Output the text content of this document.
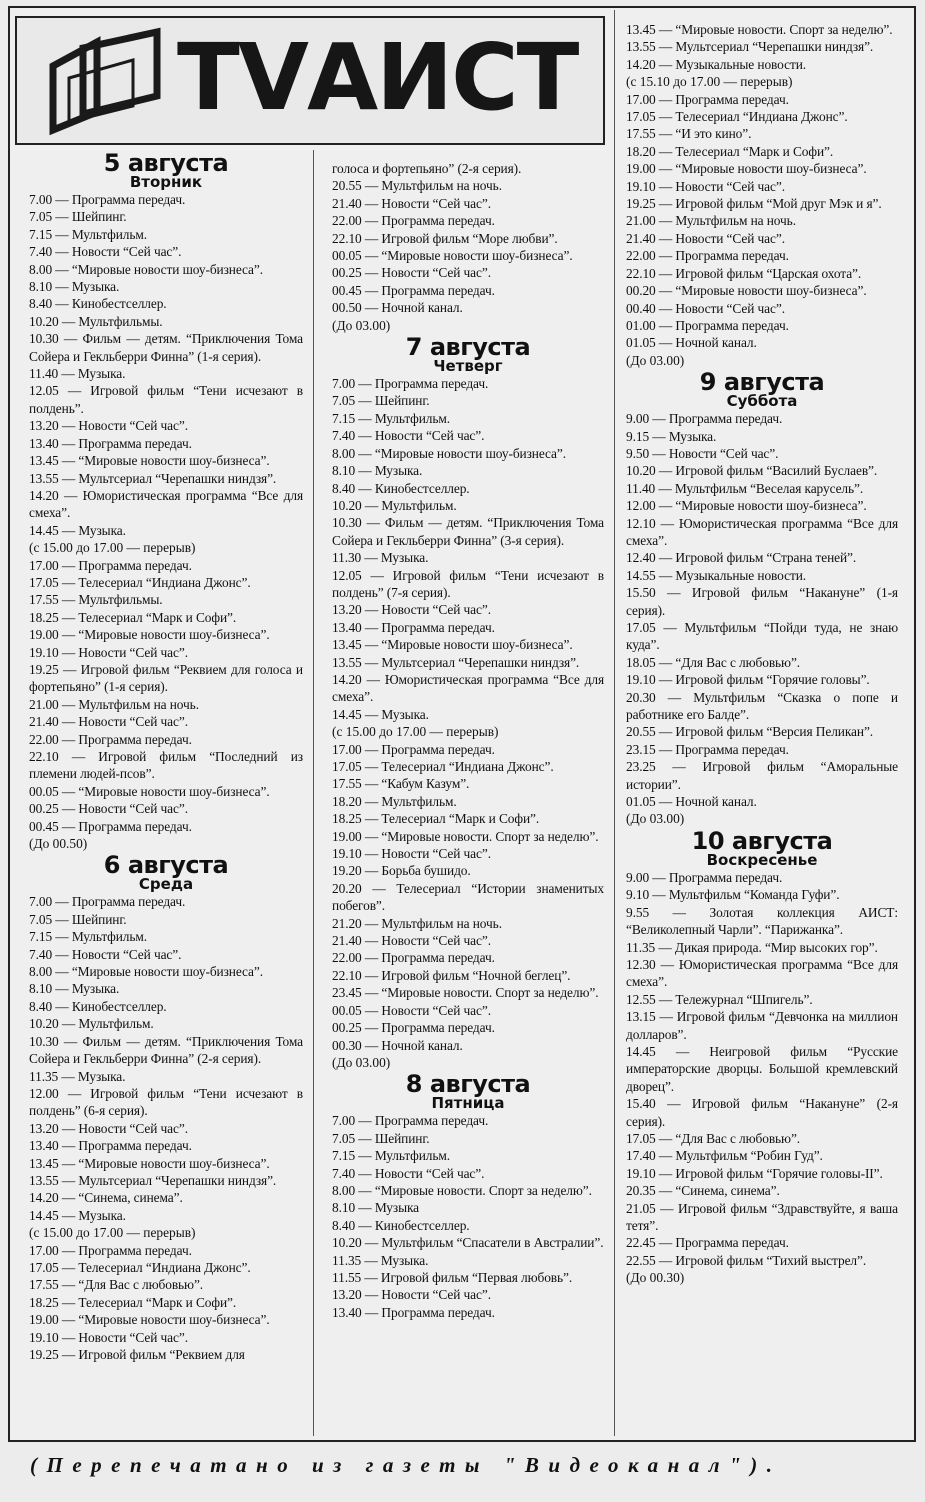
TVАИСТ
5 августа
Вторник
7.00 — Программа передач.
7.05 — Шейпинг.
7.15 — Мультфильм.
7.40 — Новости “Сей час”.
8.00 — “Мировые новости шоу-бизнеса”.
8.10 — Музыка.
8.40 — Кинобестселлер.
10.20 — Мультфильмы.
10.30 — Фильм — детям. “Приключения Тома Сойера и Гекльберри Финна” (1-я серия).
11.40 — Музыка.
12.05 — Игровой фильм “Тени исчезают в полдень”.
13.20 — Новости “Сей час”.
13.40 — Программа передач.
13.45 — “Мировые новости шоу-бизнеса”.
13.55 — Мультсериал “Черепашки ниндзя”.
14.20 — Юмористическая программа “Все для смеха”.
14.45 — Музыка.
(с 15.00 до 17.00 — перерыв)
17.00 — Программа передач.
17.05 — Телесериал “Индиана Джонс”.
17.55 — Мультфильмы.
18.25 — Телесериал “Марк и Софи”.
19.00 — “Мировые новости шоу-бизнеса”.
19.10 — Новости “Сей час”.
19.25 — Игровой фильм “Реквием для голоса и фортепьяно” (1-я серия).
21.00 — Мультфильм на ночь.
21.40 — Новости “Сей час”.
22.00 — Программа передач.
22.10 — Игровой фильм “Последний из племени людей-псов”.
00.05 — “Мировые новости шоу-бизнеса”.
00.25 — Новости “Сей час”.
00.45 — Программа передач.
(До 00.50)
6 августа
Среда
7.00 — Программа передач.
7.05 — Шейпинг.
7.15 — Мультфильм.
7.40 — Новости “Сей час”.
8.00 — “Мировые новости шоу-бизнеса”.
8.10 — Музыка.
8.40 — Кинобестселлер.
10.20 — Мультфильм.
10.30 — Фильм — детям. “Приключения Тома Сойера и Гекльберри Финна” (2-я серия).
11.35 — Музыка.
12.00 — Игровой фильм “Тени исчезают в полдень” (6-я серия).
13.20 — Новости “Сей час”.
13.40 — Программа передач.
13.45 — “Мировые новости шоу-бизнеса”.
13.55 — Мультсериал “Черепашки ниндзя”.
14.20 — “Синема, синема”.
14.45 — Музыка.
(с 15.00 до 17.00 — перерыв)
17.00 — Программа передач.
17.05 — Телесериал “Индиана Джонс”.
17.55 — “Для Вас с любовью”.
18.25 — Телесериал “Марк и Софи”.
19.00 — “Мировые новости шоу-бизнеса”.
19.10 — Новости “Сей час”.
19.25 — Игровой фильм “Реквием для
голоса и фортепьяно” (2-я серия).
20.55 — Мультфильм на ночь.
21.40 — Новости “Сей час”.
22.00 — Программа передач.
22.10 — Игровой фильм “Море любви”.
00.05 — “Мировые новости шоу-бизнеса”.
00.25 — Новости “Сей час”.
00.45 — Программа передач.
00.50 — Ночной канал.
(До 03.00)
7 августа
Четверг
7.00 — Программа передач.
7.05 — Шейпинг.
7.15 — Мультфильм.
7.40 — Новости “Сей час”.
8.00 — “Мировые новости шоу-бизнеса”.
8.10 — Музыка.
8.40 — Кинобестселлер.
10.20 — Мультфильм.
10.30 — Фильм — детям. “Приключения Тома Сойера и Гекльберри Финна” (3-я серия).
11.30 — Музыка.
12.05 — Игровой фильм “Тени исчезают в полдень” (7-я серия).
13.20 — Новости “Сей час”.
13.40 — Программа передач.
13.45 — “Мировые новости шоу-бизнеса”.
13.55 — Мультсериал “Черепашки ниндзя”.
14.20 — Юмористическая программа “Все для смеха”.
14.45 — Музыка.
(с 15.00 до 17.00 — перерыв)
17.00 — Программа передач.
17.05 — Телесериал “Индиана Джонс”.
17.55 — “Кабум Казум”.
18.20 — Мультфильм.
18.25 — Телесериал “Марк и Софи”.
19.00 — “Мировые новости. Спорт за неделю”.
19.10 — Новости “Сей час”.
19.20 — Борьба бушидо.
20.20 — Телесериал “Истории знаменитых побегов”.
21.20 — Мультфильм на ночь.
21.40 — Новости “Сей час”.
22.00 — Программа передач.
22.10 — Игровой фильм “Ночной беглец”.
23.45 — “Мировые новости. Спорт за неделю”.
00.05 — Новости “Сей час”.
00.25 — Программа передач.
00.30 — Ночной канал.
(До 03.00)
8 августа
Пятница
7.00 — Программа передач.
7.05 — Шейпинг.
7.15 — Мультфильм.
7.40 — Новости “Сей час”.
8.00 — “Мировые новости. Спорт за неделю”.
8.10 — Музыка
8.40 — Кинобестселлер.
10.20 — Мультфильм “Спасатели в Австралии”.
11.35 — Музыка.
11.55 — Игровой фильм “Первая любовь”.
13.20 — Новости “Сей час”.
13.40 — Программа передач.
13.45 — “Мировые новости. Спорт за неделю”.
13.55 — Мультсериал “Черепашки ниндзя”.
14.20 — Музыкальные новости.
(с 15.10 до 17.00 — перерыв)
17.00 — Программа передач.
17.05 — Телесериал “Индиана Джонс”.
17.55 — “И это кино”.
18.20 — Телесериал “Марк и Софи”.
19.00 — “Мировые новости шоу-бизнеса”.
19.10 — Новости “Сей час”.
19.25 — Игровой фильм “Мой друг Мэк и я”.
21.00 — Мультфильм на ночь.
21.40 — Новости “Сей час”.
22.00 — Программа передач.
22.10 — Игровой фильм “Царская охота”.
00.20 — “Мировые новости шоу-бизнеса”.
00.40 — Новости “Сей час”.
01.00 — Программа передач.
01.05 — Ночной канал.
(До 03.00)
9 августа
Суббота
9.00 — Программа передач.
9.15 — Музыка.
9.50 — Новости “Сей час”.
10.20 — Игровой фильм “Василий Буслаев”.
11.40 — Мультфильм “Веселая карусель”.
12.00 — “Мировые новости шоу-бизнеса”.
12.10 — Юмористическая программа “Все для смеха”.
12.40 — Игровой фильм “Страна теней”.
14.55 — Музыкальные новости.
15.50 — Игровой фильм “Накануне” (1-я серия).
17.05 — Мультфильм “Пойди туда, не знаю куда”.
18.05 — “Для Вас с любовью”.
19.10 — Игровой фильм “Горячие головы”.
20.30 — Мультфильм “Сказка о попе и работнике его Балде”.
20.55 — Игровой фильм “Версия Пеликан”.
23.15 — Программа передач.
23.25 — Игровой фильм “Аморальные истории”.
01.05 — Ночной канал.
(До 03.00)
10 августа
Воскресенье
9.00 — Программа передач.
9.10 — Мультфильм “Команда Гуфи”.
9.55 — Золотая коллекция АИСТ: “Великолепный Чарли”. “Парижанка”.
11.35 — Дикая природа. “Мир высоких гор”.
12.30 — Юмористическая программа “Все для смеха”.
12.55 — Тележурнал “Шпигель”.
13.15 — Игровой фильм “Девчонка на миллион долларов”.
14.45 — Неигровой фильм “Русские императорские дворцы. Большой кремлевский дворец”.
15.40 — Игровой фильм “Накануне” (2-я серия).
17.05 — “Для Вас с любовью”.
17.40 — Мультфильм “Робин Гуд”.
19.10 — Игровой фильм “Горячие головы-II”.
20.35 — “Синема, синема”.
21.05 — Игровой фильм “Здравствуйте, я ваша тетя”.
22.45 — Программа передач.
22.55 — Игровой фильм “Тихий выстрел”.
(До 00.30)
(Перепечатано из газеты "Видеоканал").
